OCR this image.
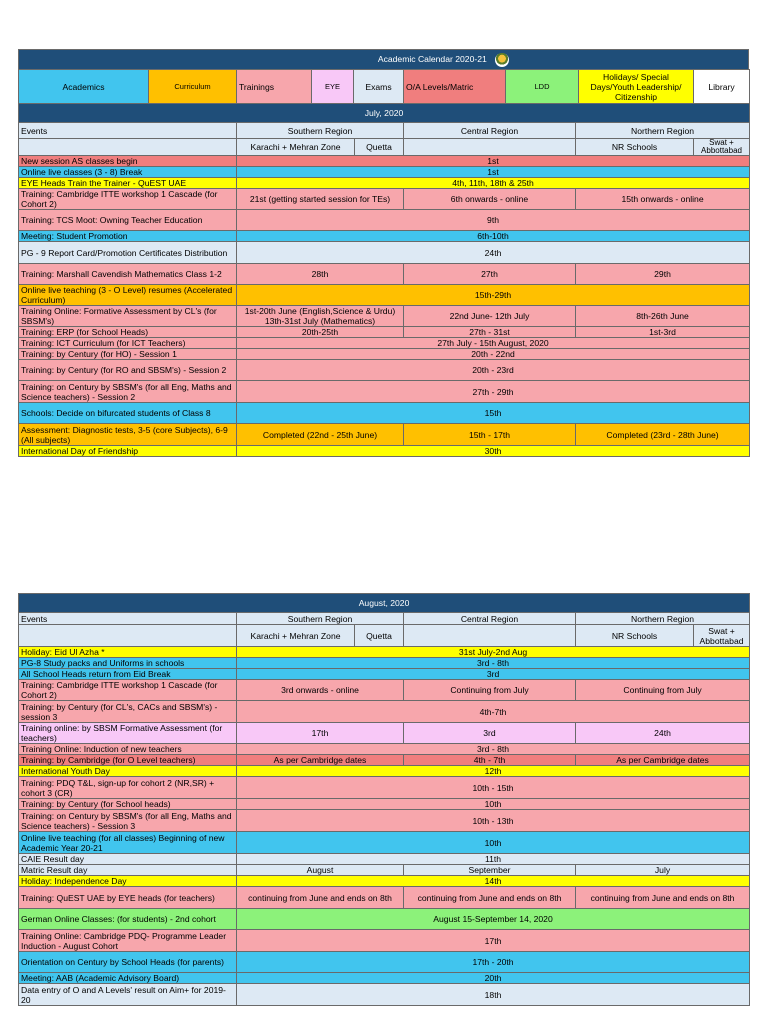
Academic Calendar 2020-21
Academics	Curriculum	Trainings	EYE	Exams	O/A Levels/Matric	LDD	Holidays/ Special Days/Youth Leadership/ Citizenship	Library
July, 2020					
Events	Southern Region		Central Region	Northern Region	
	Karachi + Mehran Zone	Quetta		NR Schools	Swat + Abbottabad
New session AS classes begin	1st				
Online live classes (3 - 8) Break	1st				
EYE Heads Train the Trainer - QuEST UAE	4th, 11th, 18th & 25th				
Training: Cambridge ITTE workshop 1 Cascade (for Cohort 2)	21st (getting started session for TEs)		6th onwards - online	15th onwards - online	
Training: TCS Moot: Owning Teacher Education	9th				
Meeting: Student Promotion	6th-10th				
PG - 9 Report Card/Promotion Certificates Distribution	24th				
Training: Marshall Cavendish Mathematics Class 1-2	28th		27th	29th	
Online live teaching (3 - O Level) resumes (Accelerated Curriculum)	15th-29th				
Training Online: Formative Assessment by CL's (for SBSM's)	1st-20th June (English,Science & Urdu) 13th-31st July (Mathematics)		22nd June- 12th July	8th-26th June	
Training: ERP (for School Heads)	20th-25th		27th - 31st	1st-3rd	
Training: ICT Curriculum (for ICT Teachers)	27th July - 15th August, 2020				
Training: by Century (for HO) - Session 1	20th - 22nd				
Training: by Century (for RO and SBSM's) - Session 2	20th - 23rd				
Training: on Century by SBSM's (for all Eng, Maths and Science teachers) - Session 2	27th - 29th				
Schools: Decide on bifurcated students of Class 8	15th				
Assessment: Diagnostic tests, 3-5 (core Subjects), 6-9 (All subjects)	Completed (22nd - 25th June)		15th - 17th	Completed (23rd - 28th June)	
International Day of Friendship	30th				
August, 2020					
Events	Southern Region		Central Region	Northern Region	
	Karachi + Mehran Zone	Quetta		NR Schools	Swat + Abbottabad
Holiday: Eid Ul Azha *	31st July-2nd Aug				
PG-8 Study packs and Uniforms in schools	3rd - 8th				
All School Heads return from Eid Break	3rd				
Training: Cambridge ITTE workshop 1 Cascade (for Cohort 2)	3rd onwards - online		Continuing from July	Continuing from July	
Training: by Century (for CL's, CACs and SBSM's) - session 3	4th-7th				
Training online: by SBSM Formative Assessment (for teachers)	17th		3rd	24th	
Training Online: Induction of new teachers	3rd - 8th				
Training: by Cambridge (for O Level teachers)	As per Cambridge dates		4th - 7th	As per Cambridge dates	
International Youth Day	12th				
Training: PDQ T&L, sign-up for cohort 2 (NR,SR) + cohort 3 (CR)	10th - 15th				
Training: by Century (for School heads)	10th				
Training: on Century by SBSM's (for all Eng, Maths and Science teachers) - Session 3	10th - 13th				
Online live teaching (for all classes) Beginning of new Academic Year 20-21	10th				
CAIE Result day	11th				
Matric Result day	August		September	July	
Holiday: Independence Day	14th				
Training: QuEST UAE by EYE heads (for teachers)	continuing from June and ends on 8th		continuing from June and ends on 8th	continuing from June and ends on 8th	
German Online Classes: (for students) - 2nd cohort	August 15-September 14, 2020				
Training Online: Cambridge PDQ- Programme Leader Induction - August Cohort	17th				
Orientation on Century by School Heads (for parents)	17th - 20th				
Meeting: AAB (Academic Advisory Board)	20th				
Data entry of O and A Levels' result on Aim+ for 2019-20	18th				
